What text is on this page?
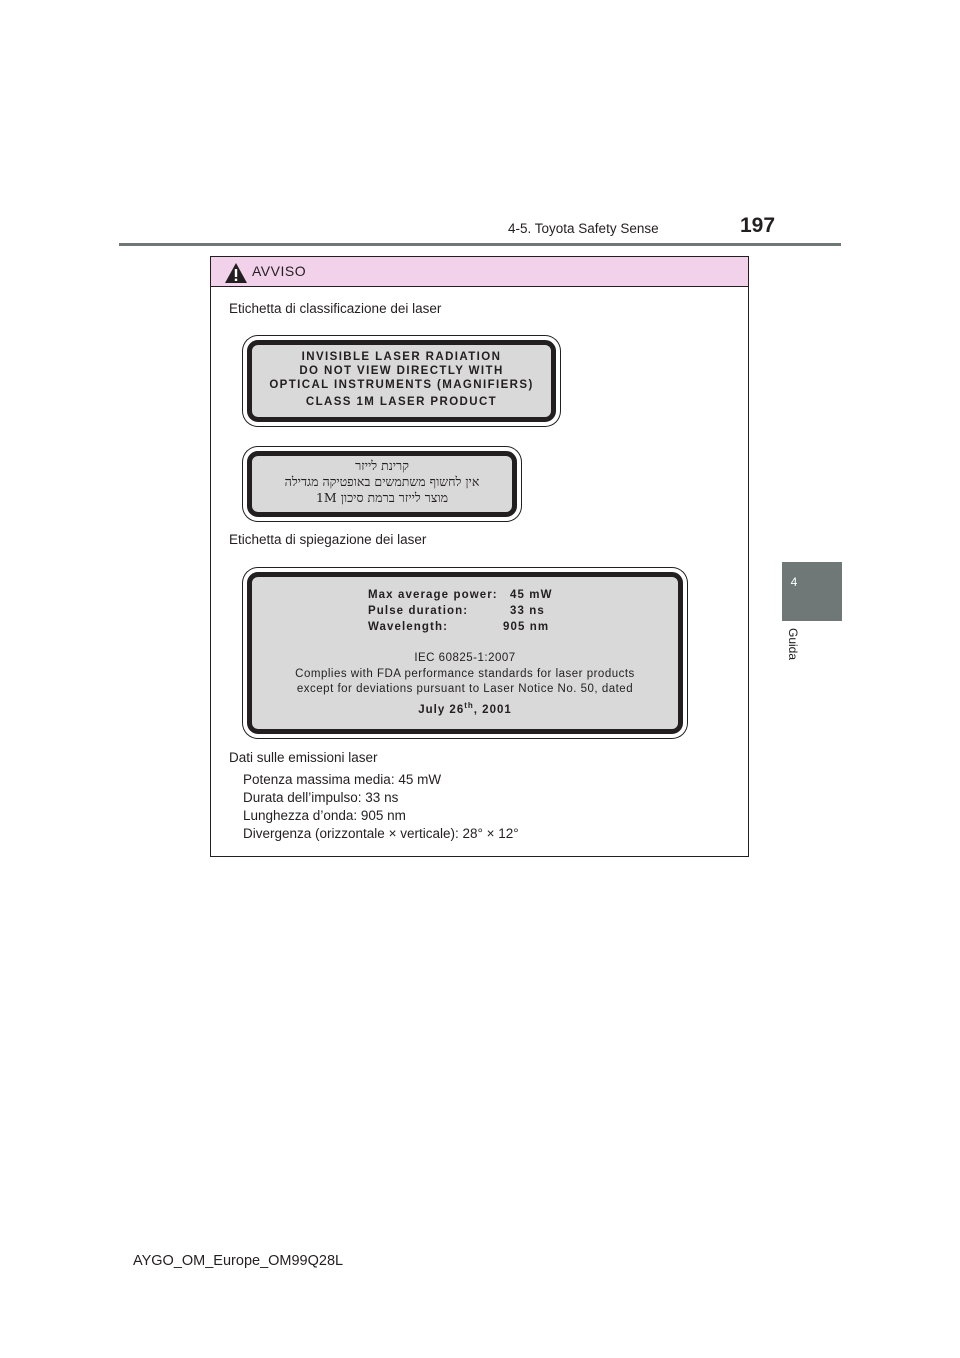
4-5. Toyota Safety Sense	197
4
Guida
AVVISO
Etichetta di classificazione dei laser
INVISIBLE LASER RADIATION
DO NOT VIEW DIRECTLY WITH
OPTICAL INSTRUMENTS (MAGNIFIERS)
CLASS 1M LASER PRODUCT
קרינת לייזר
אין לחשוף משתמשים באופטיקה מגדילה
מוצר לייזר ברמת סיכון 1M
Etichetta di spiegazione dei laser
Max average power: 45 mW
Pulse duration:	33 ns
Wavelength:	905 nm
IEC 60825-1:2007
Complies with FDA performance standards for laser products
except for deviations pursuant to Laser Notice No. 50, dated
July 26th, 2001
Dati sulle emissioni laser
Potenza massima media: 45 mW
Durata dell’impulso: 33 ns
Lunghezza d’onda: 905 nm
Divergenza (orizzontale × verticale): 28° × 12°
AYGO_OM_Europe_OM99Q28L
